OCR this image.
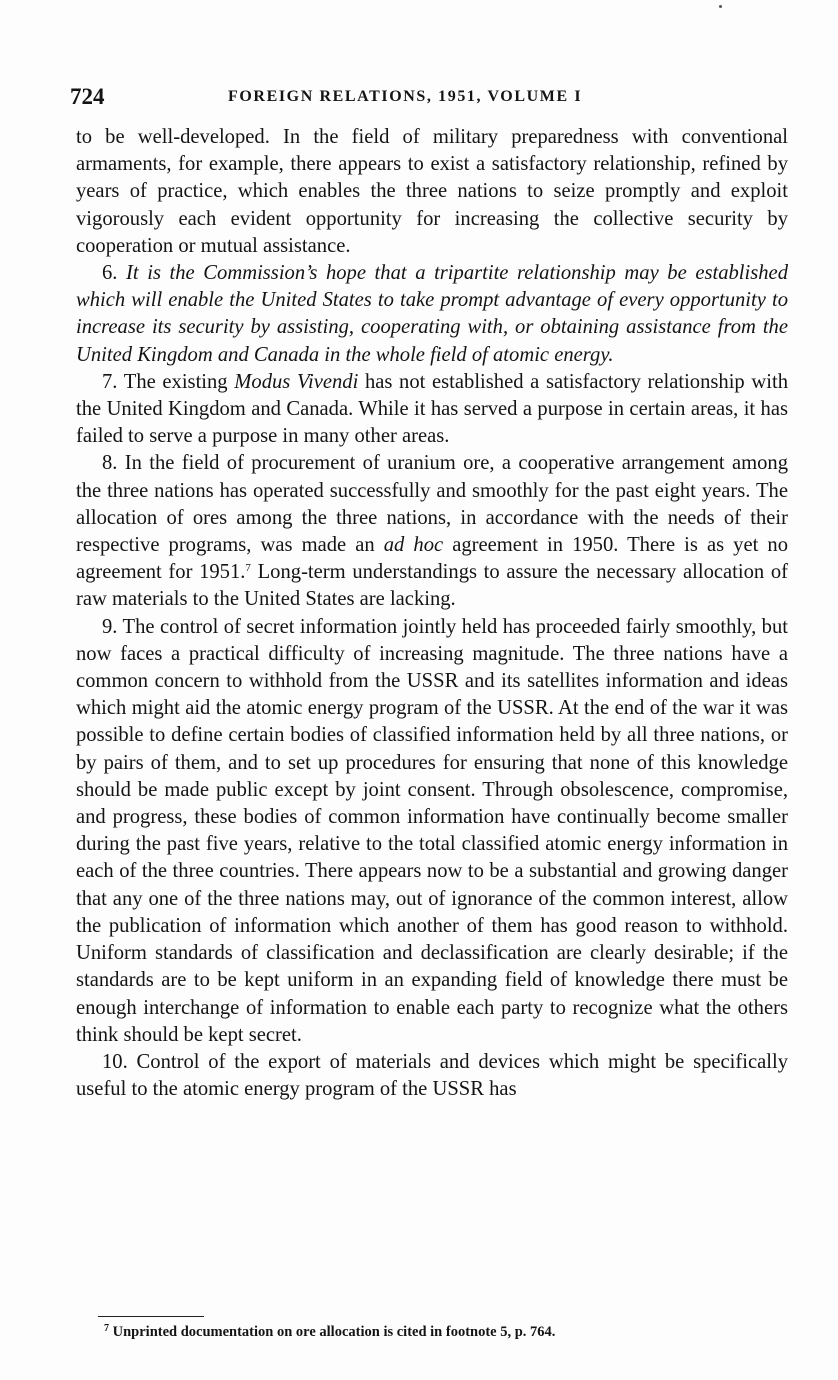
724	FOREIGN RELATIONS, 1951, VOLUME I

to be well-developed. In the field of military preparedness with conventional armaments, for example, there appears to exist a satisfactory relationship, refined by years of practice, which enables the three nations to seize promptly and exploit vigorously each evident opportunity for increasing the collective security by cooperation or mutual assistance.

6. It is the Commission’s hope that a tripartite relationship may be established which will enable the United States to take prompt advantage of every opportunity to increase its security by assisting, cooperating with, or obtaining assistance from the United Kingdom and Canada in the whole field of atomic energy.

7. The existing Modus Vivendi has not established a satisfactory relationship with the United Kingdom and Canada. While it has served a purpose in certain areas, it has failed to serve a purpose in many other areas.

8. In the field of procurement of uranium ore, a cooperative arrangement among the three nations has operated successfully and smoothly for the past eight years. The allocation of ores among the three nations, in accordance with the needs of their respective programs, was made an ad hoc agreement in 1950. There is as yet no agreement for 1951.$^7$ Long-term understandings to assure the necessary allocation of raw materials to the United States are lacking.

9. The control of secret information jointly held has proceeded fairly smoothly, but now faces a practical difficulty of increasing magnitude. The three nations have a common concern to withhold from the USSR and its satellites information and ideas which might aid the atomic energy program of the USSR. At the end of the war it was possible to define certain bodies of classified information held by all three nations, or by pairs of them, and to set up procedures for ensuring that none of this knowledge should be made public except by joint consent. Through obsolescence, compromise, and progress, these bodies of common information have continually become smaller during the past five years, relative to the total classified atomic energy information in each of the three countries. There appears now to be a substantial and growing danger that any one of the three nations may, out of ignorance of the common interest, allow the publication of information which another of them has good reason to withhold. Uniform standards of classification and declassification are clearly desirable; if the standards are to be kept uniform in an expanding field of knowledge there must be enough interchange of information to enable each party to recognize what the others think should be kept secret.

10. Control of the export of materials and devices which might be specifically useful to the atomic energy program of the USSR has

$^7$ Unprinted documentation on ore allocation is cited in footnote 5, p. 764.
